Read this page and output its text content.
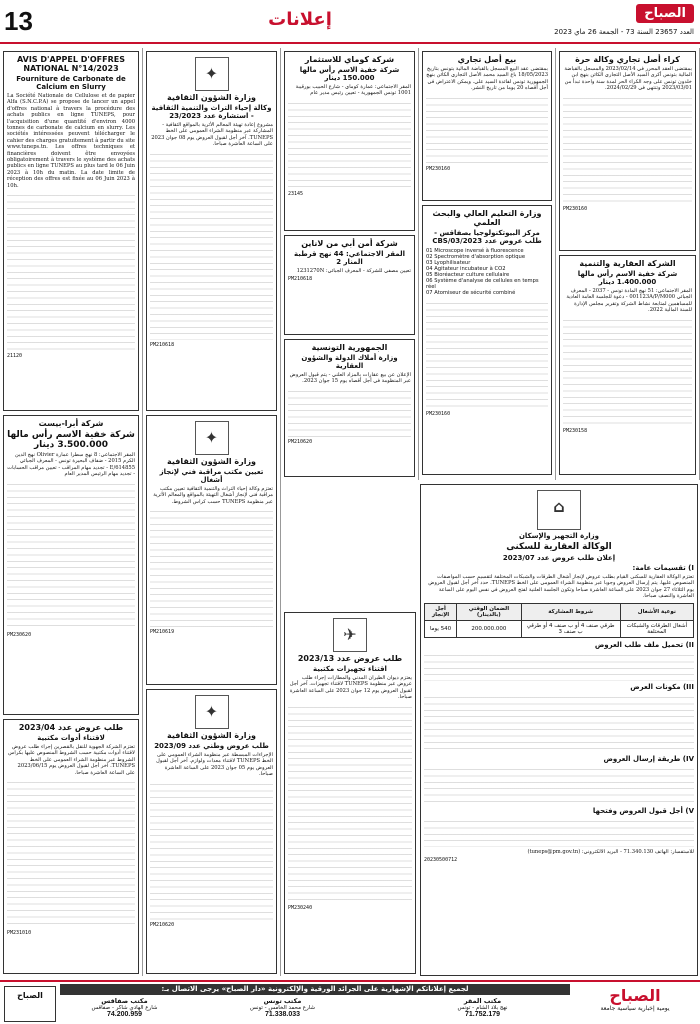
13	إعلانات	الصباح
العدد 23657 السنة 73 - الجمعة 26 ماي 2023
AVIS D'APPEL D'OFFRES NATIONAL N°14/2023
Fourniture de Carbonate de Calcium en Slurry

La Société Nationale de Cellulose et de papier Alfa (S.N.C.P.A) se propose de lancer un appel d'offres national à travers la procédure des achats publics en ligne TUNEPS, pour l'acquisition d'une quantité d'environ 4000 tonnes de carbonate de calcium en slurry. Les sociétés intéressées peuvent télécharger le cahier des charges gratuitement à partir du site www.tuneps.tn. Les offres techniques et financières doivent être envoyées obligatoirement à travers le système des achats publics en ligne TUNEPS au plus tard le 06 Juin 2023 à 10h du matin. La date limite de réception des offres est fixée au 06 Juin 2023 à 10h.

21120
شركة أبرا-بيست
شركة خفية الاسم رأس مالها 3.500.000 دينار

المقر الاجتماعي: 8 نهج سطرا عمارة Olivier نهج الدين الكرم 2015 - ضفاف البحيرة تونس - المعرف الجبائي 614855/E - تجديد مهام المراقب - تعيين مراقب الحسابات - تجديد مهام الرئيس المدير العام

PM230620
طلب عروض عدد 2023/04
لاقتناء أدوات مكتبية

تعتزم الشركة الجهوية للنقل بالقصرين إجراء طلب عروض لاقتناء أدوات مكتبية حسب الشروط المنصوص عليها بكراس الشروط عبر منظومة الشراء العمومي على الخط TUNEPS. آخر أجل لقبول العروض يوم 2023/06/15 على الساعة العاشرة صباحا.

PM231010
✦
وزارة الشؤون الثقافية
وكالة إحياء التراث والتنمية الثقافية - استشارة عدد 23/2023

مشروع إعادة تهيئة المعالم الأثرية بالمواقع الثقافية - المشاركة عبر منظومة الشراء العمومي على الخط TUNEPS. آخر أجل لقبول العروض يوم 08 جوان 2023 على الساعة العاشرة صباحا.

PM210618
✦
وزارة الشؤون الثقافية
تعيين مكتب مراقبة فني لإنجاز أشغال

تعتزم وكالة إحياء التراث والتنمية الثقافية تعيين مكتب مراقبة فني لإنجاز أشغال التهيئة بالمواقع والمعالم الأثرية عبر منظومة TUNEPS حسب كراس الشروط.

PM210619
✦
وزارة الشؤون الثقافية
طلب عروض وطني عدد 2023/09

الإجراءات المبسطة عبر منظومة الشراء العمومي على الخط TUNEPS لاقتناء معدات ولوازم. آخر أجل لقبول العروض يوم 05 جوان 2023 على الساعة العاشرة صباحا.

PM210620
شركة كوماي للاستثمار
شركة خفية الاسم رأس مالها 150.000 دينار

المقر الاجتماعي: عمارة كوماي - شارع الحبيب بورقيبة 1001 تونس الجمهورية - تعيين رئيس مدير عام

23145
شركة أمن أبي من لاناين
المقر الاجتماعي: 44 نهج قرطبة المنار 2

تعيين مصفي للشركة - المعرف الجبائي: 1231270N

PM210618
الجمهورية التونسية
وزارة أملاك الدولة والشؤون العقارية

الإعلان عن بيع عقارات بالمزاد العلني - يتم قبول العروض عبر المنظومة في أجل أقصاه يوم 15 جوان 2023.

PM210620
بيع أصل تجاري

بمقتضى عقد البيع المسجل بالقباضة المالية بتونس بتاريخ 18/05/2023 باع السيد محمد الأصل التجاري الكائن بنهج الجمهورية تونس لفائدة السيد علي. ويمكن الاعتراض في أجل أقصاه 20 يوما من تاريخ النشر.

PM230160
وزارة التعليم العالي والبحث العلمي
مركز البيوتكنولوجيا بصفاقس - طلب عروض عدد 2023/CBS/03
01 Microscope inversé à fluorescence
02 Spectromètre d'absorption optique
03 Lyophilisateur
04 Agitateur incubateur à CO2
05 Bioréacteur culture cellulaire
06 Système d'analyse de cellules en temps réel
07 Atomiseur de sécurité combiné
PM230160
كراء أصل تجاري وكالة حرة

بمقتضى العقد المحرر في 2023/02/14 والمسجل بالقباضة المالية بتونس أكرى السيد الأصل التجاري الكائن بنهج ابن خلدون تونس على وجه الكراء الحر لمدة سنة واحدة تبدأ من 2023/03/01 وتنتهي في 2024/02/29.

PM230160
الشركة العقارية والتنمية
شركة خفية الاسم رأس مالها 1.400.000 دينار

المقر الاجتماعي: 51 نهج المادة تونس - 2037 - المعرف الجبائي 001123A/P/M000 - دعوة للجلسة العامة العادية للمساهمين لمتابعة نشاط الشركة وتقرير مجلس الإدارة للسنة المالية 2022.

PM230158
✈
طلب عروض عدد 2023/13
اقتناء تجهيزات مكتبية

يعتزم ديوان الطيران المدني والمطارات إجراء طلب عروض عبر منظومة TUNEPS لاقتناء تجهيزات. آخر أجل لقبول العروض يوم 12 جوان 2023 على الساعة العاشرة صباحا.

PM230240
⌂
وزارة التجهيز والإسكان
الوكالة العقارية للسكنى
إعلان طلب عروض عدد 2023/07
I) تقسيمات عامة:

تعتزم الوكالة العقارية للسكنى القيام بطلب عروض لإنجاز أشغال الطرقات والشبكات المختلفة لتقسيم حسب المواصفات المنصوص عليها. يتم إرسال العروض وجوبا عبر منظومة الشراء العمومي على الخط TUNEPS. حدد آخر أجل لقبول العروض يوم الثلاثاء 27 جوان 2023 على الساعة العاشرة صباحا وتكون الجلسة العلنية لفتح العروض في نفس اليوم على الساعة العاشرة والنصف صباحا.

نوعية الأشغال	شروط المشاركة	الضمان الوقتي (بالدينار)	أجل الإنجاز
أشغال الطرقات والشبكات المختلفة	طرقي صنف 4 أو ب صنف 4 أو طرقي ب صنف 3	200.000.000	540 يوما
II) تحميل ملف طلب العروض
III) مكونات العرض
IV) طريقة إرسال العروض
V) أجل قبول العروض وفتحها

للاستفسار: الهاتف 71.340.130 - البريد الالكتروني: (tuneps@pm.gov.tn)

20230500712
الصباح
لجميع إعلاناتكم الإشهارية على الجرائد الورقية والإلكترونية «دار الصباح» يرجى الاتصال بـ:
مكتب صفاقس
شارع الهادي شاكر - صفاقس
74.200.959
مكتب تونس
شارع محمد الخامس - تونس
71.338.033
مكتب المقر
نهج بلاد الشام - تونس
71.752.179
الصباح
يومية إخبارية سياسية جامعة
